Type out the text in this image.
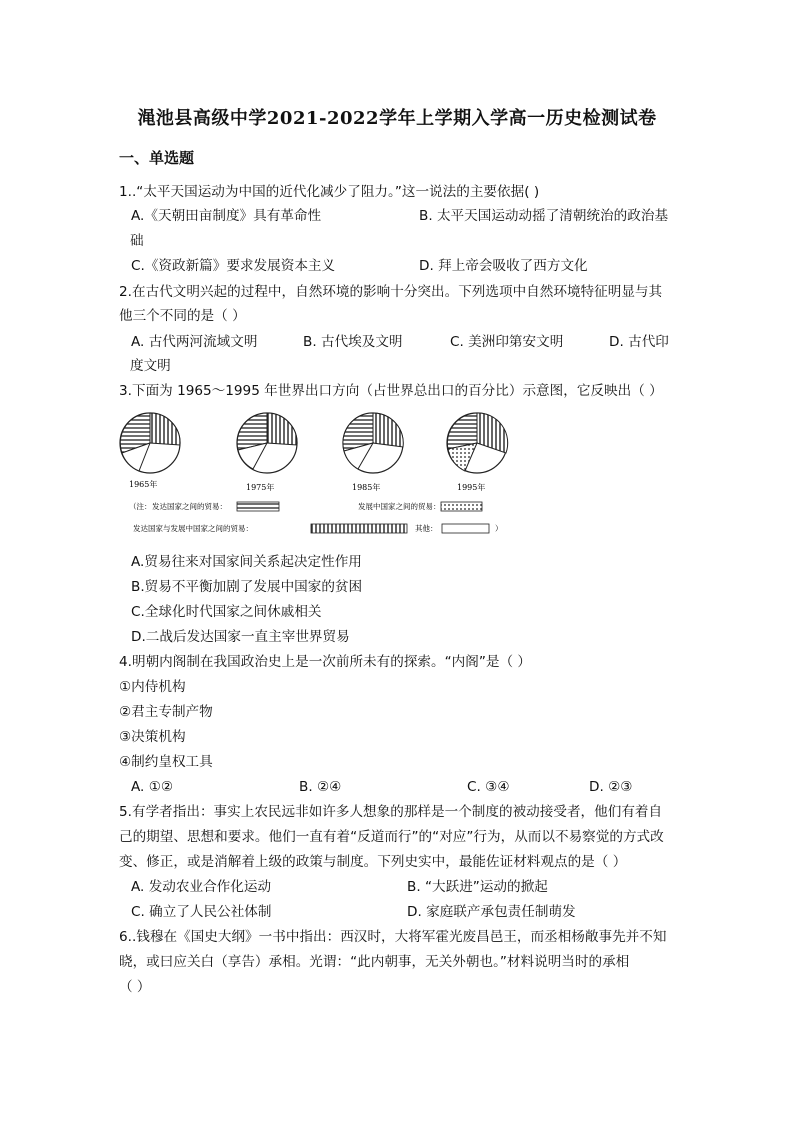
渑池县高级中学2021-2022学年上学期入学高一历史检测试卷
一、单选题
1..“太平天国运动为中国的近代化减少了阻力。”这一说法的主要依据( )
A.《天朝田亩制度》具有革命性	B. 太平天国运动动摇了清朝统治的政治基
础
C.《资政新篇》要求发展资本主义	D. 拜上帝会吸收了西方文化
2.在古代文明兴起的过程中，自然环境的影响十分突出。下列选项中自然环境特征明显与其
他三个不同的是（ ）
A. 古代两河流域文明	B. 古代埃及文明	C. 美洲印第安文明	D. 古代印
度文明
3.下面为 1965～1995 年世界出口方向（占世界总出口的百分比）示意图，它反映出（ ）
1965年	1975年	1985年	1995年
（注： 发达国家之间的贸易：	发展中国家之间的贸易：
发达国家与发展中国家之间的贸易：	其他：	）
A.贸易往来对国家间关系起决定性作用
B.贸易不平衡加剧了发展中国家的贫困
C.全球化时代国家之间休戚相关
D.二战后发达国家一直主宰世界贸易
4.明朝内阁制在我国政治史上是一次前所未有的探索。“内阁”是（ ）
①内侍机构
②君主专制产物
③决策机构
④制约皇权工具
A. ①②	B. ②④	C. ③④	D. ②③
5.有学者指出：事实上农民远非如许多人想象的那样是一个制度的被动接受者，他们有着自
己的期望、思想和要求。他们一直有着“反道而行”的“对应”行为，从而以不易察觉的方式改
变、修正，或是消解着上级的政策与制度。下列史实中，最能佐证材料观点的是（ ）
A. 发动农业合作化运动	B. “大跃进”运动的掀起
C. 确立了人民公社体制	D. 家庭联产承包责任制萌发
6..钱穆在《国史大纲》一书中指出：西汉时，大将军霍光废昌邑王，而丞相杨敞事先并不知
晓，或曰应关白（享告）承相。光谓：“此内朝事，无关外朝也。”材料说明当时的承相
（ ）
